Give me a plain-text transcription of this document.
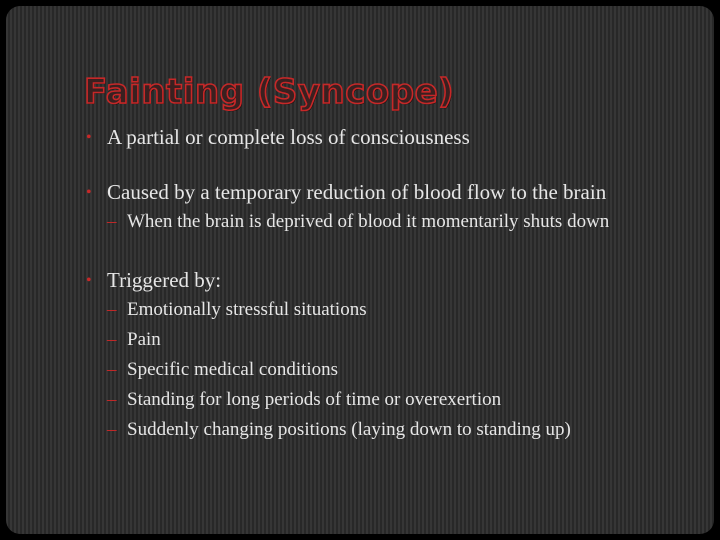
Fainting (Syncope)
• A partial or complete loss of consciousness
• Caused by a temporary reduction of blood flow to the brain
– When the brain is deprived of blood it momentarily shuts down
• Triggered by:
– Emotionally stressful situations
– Pain
– Specific medical conditions
– Standing for long periods of time or overexertion
– Suddenly changing positions (laying down to standing up)
